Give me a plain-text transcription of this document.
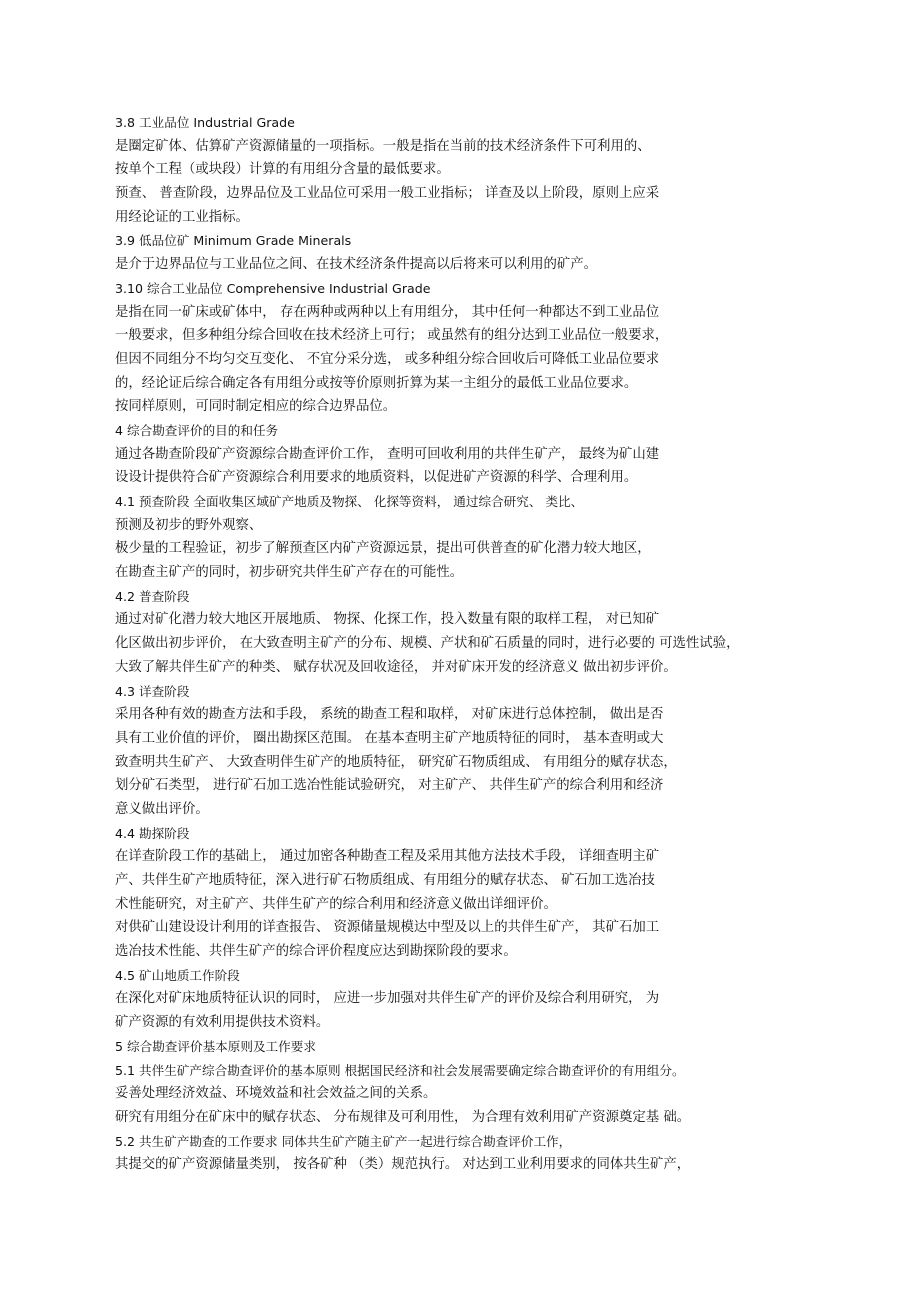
3.8 工业品位 Industrial Grade
是圈定矿体、估算矿产资源储量的一项指标。一般是指在当前的技术经济条件下可利用的、
按单个工程（或块段）计算的有用组分含量的最低要求。
预查、 普查阶段，边界品位及工业品位可采用一般工业指标； 详查及以上阶段，原则上应采
用经论证的工业指标。
3.9 低品位矿 Minimum Grade Minerals
是介于边界品位与工业品位之间、在技术经济条件提高以后将来可以利用的矿产。
3.10 综合工业品位 Comprehensive Industrial Grade
是指在同一矿床或矿体中， 存在两种或两种以上有用组分， 其中任何一种都达不到工业品位
一般要求，但多种组分综合回收在技术经济上可行； 或虽然有的组分达到工业品位一般要求，
但因不同组分不均匀交互变化、 不宜分采分选， 或多种组分综合回收后可降低工业品位要求
的，经论证后综合确定各有用组分或按等价原则折算为某一主组分的最低工业品位要求。
按同样原则，可同时制定相应的综合边界品位。
4 综合勘查评价的目的和任务
通过各勘查阶段矿产资源综合勘查评价工作， 查明可回收利用的共伴生矿产， 最终为矿山建
设设计提供符合矿产资源综合利用要求的地质资料，以促进矿产资源的科学、合理利用。
4.1 预查阶段 全面收集区域矿产地质及物探、 化探等资料， 通过综合研究、 类比、
预测及初步的野外观察、
极少量的工程验证，初步了解预查区内矿产资源远景，提出可供普查的矿化潜力较大地区，
在勘查主矿产的同时，初步研究共伴生矿产存在的可能性。
4.2 普查阶段
通过对矿化潜力较大地区开展地质、 物探、化探工作，投入数量有限的取样工程， 对已知矿
化区做出初步评价， 在大致查明主矿产的分布、规模、产状和矿石质量的同时，进行必要的 可选性试验，
大致了解共伴生矿产的种类、 赋存状况及回收途径， 并对矿床开发的经济意义 做出初步评价。
4.3 详查阶段
采用各种有效的勘查方法和手段， 系统的勘查工程和取样， 对矿床进行总体控制， 做出是否
具有工业价值的评价， 圈出勘探区范围。 在基本查明主矿产地质特征的同时， 基本查明或大
致查明共生矿产、 大致查明伴生矿产的地质特征， 研究矿石物质组成、 有用组分的赋存状态，
划分矿石类型， 进行矿石加工选冶性能试验研究， 对主矿产、 共伴生矿产的综合利用和经济
意义做出评价。
4.4 勘探阶段
在详查阶段工作的基础上， 通过加密各种勘查工程及采用其他方法技术手段， 详细查明主矿
产、共伴生矿产地质特征，深入进行矿石物质组成、有用组分的赋存状态、 矿石加工选冶技
术性能研究，对主矿产、共伴生矿产的综合利用和经济意义做出详细评价。
对供矿山建设设计利用的详查报告、 资源储量规模达中型及以上的共伴生矿产， 其矿石加工
选冶技术性能、共伴生矿产的综合评价程度应达到勘探阶段的要求。
4.5 矿山地质工作阶段
在深化对矿床地质特征认识的同时， 应进一步加强对共伴生矿产的评价及综合利用研究， 为
矿产资源的有效利用提供技术资料。
5 综合勘查评价基本原则及工作要求
5.1 共伴生矿产综合勘查评价的基本原则 根据国民经济和社会发展需要确定综合勘查评价的有用组分。
妥善处理经济效益、环境效益和社会效益之间的关系。
研究有用组分在矿床中的赋存状态、 分布规律及可利用性， 为合理有效利用矿产资源奠定基 础。
5.2 共生矿产勘查的工作要求 同体共生矿产随主矿产一起进行综合勘查评价工作，
其提交的矿产资源储量类别， 按各矿种 （类）规范执行。 对达到工业利用要求的同体共生矿产，
